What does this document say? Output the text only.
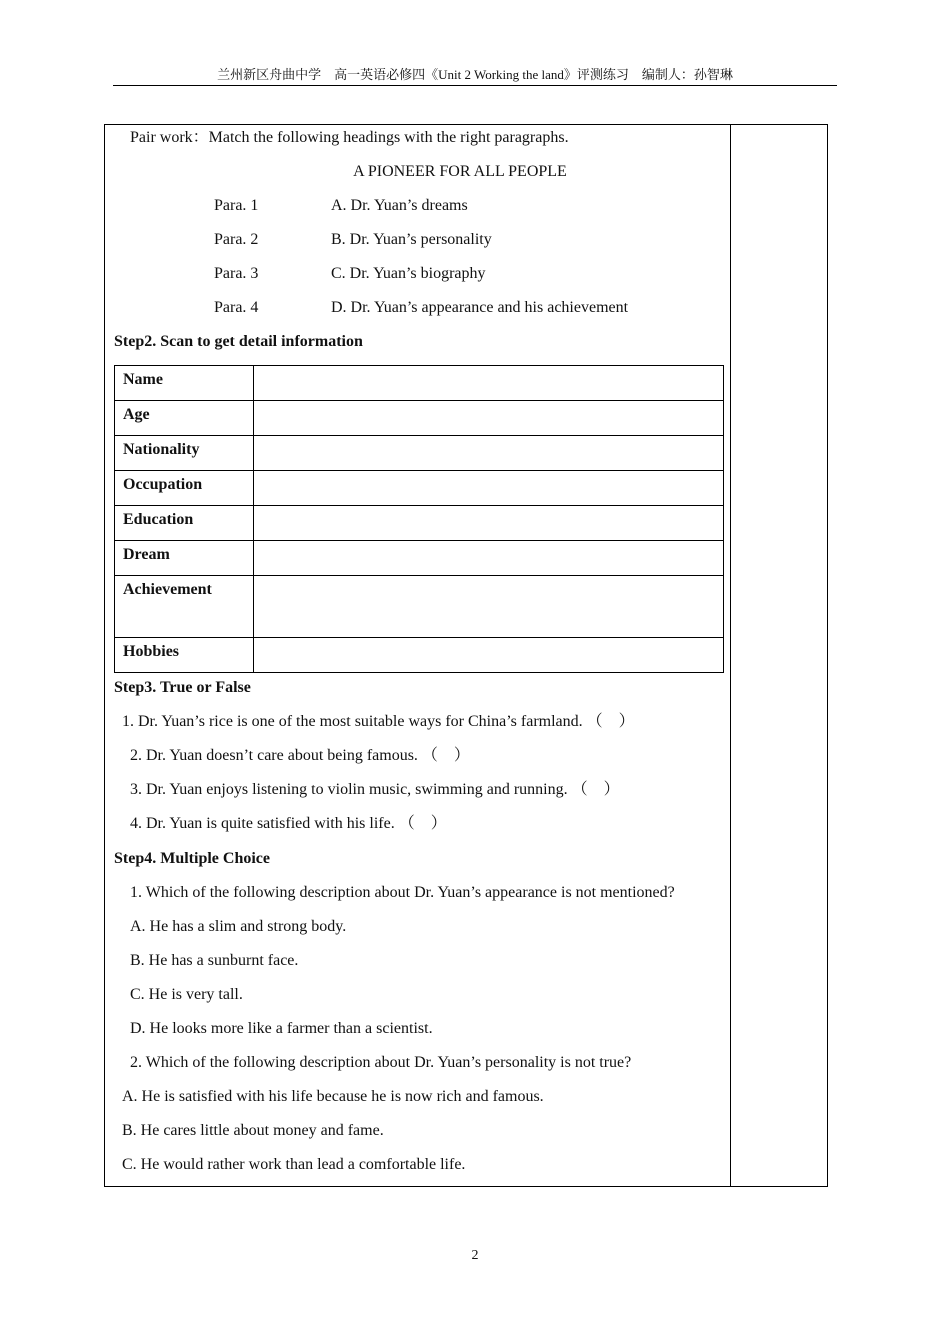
兰州新区舟曲中学　高一英语必修四《Unit 2 Working the land》评测练习　编制人：孙智琳
Pair work：Match the following headings with the right paragraphs.
A PIONEER FOR ALL PEOPLE
Para. 1	A. Dr. Yuan’s dreams
Para. 2	B. Dr. Yuan’s personality
Para. 3	C. Dr. Yuan’s biography
Para. 4	D. Dr. Yuan’s appearance and his achievement
Step2. Scan to get detail information
Name	
Age	
Nationality	
Occupation	
Education	
Dream	
Achievement	
Hobbies	
Step3. True or False
1. Dr. Yuan’s rice is one of the most suitable ways for China’s farmland. （　）
2. Dr. Yuan doesn’t care about being famous. （　）
3. Dr. Yuan enjoys listening to violin music, swimming and running. （　）
4. Dr. Yuan is quite satisfied with his life. （　）
Step4. Multiple Choice
1. Which of the following description about Dr. Yuan’s appearance is not mentioned?
A. He has a slim and strong body.
B. He has a sunburnt face.
C. He is very tall.
D. He looks more like a farmer than a scientist.
2. Which of the following description about Dr. Yuan’s personality is not true?
A. He is satisfied with his life because he is now rich and famous.
B. He cares little about money and fame.
C. He would rather work than lead a comfortable life.
2
